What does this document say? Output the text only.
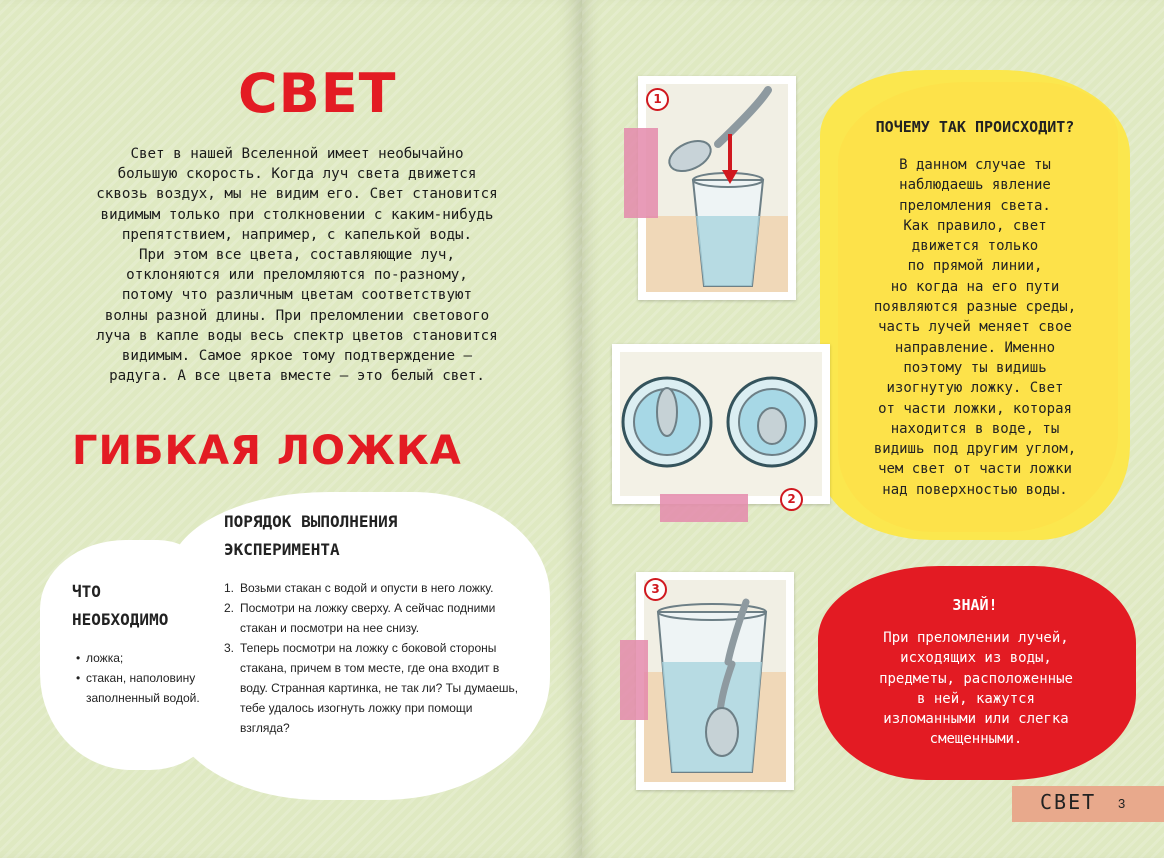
СВЕТ

Свет в нашей Вселенной имеет необычайно
большую скорость. Когда луч света движется
сквозь воздух, мы не видим его. Свет становится
видимым только при столкновении с каким-нибудь
препятствием, например, с капелькой воды.
При этом все цвета, составляющие луч,
отклоняются или преломляются по-разному,
потому что различным цветам соответствуют
волны разной длины. При преломлении светового
луча в капле воды весь спектр цветов становится
видимым. Самое яркое тому подтверждение —
радуга. А все цвета вместе — это белый свет.

ГИБКАЯ ЛОЖКА
ПОРЯДОК ВЫПОЛНЕНИЯ
ЭКСПЕРИМЕНТА
ЧТО
НЕОБХОДИМО
• ложка;
• стакан, наполовину заполненный водой.
1. Возьми стакан с водой и опусти в него ложку.
2. Посмотри на ложку сверху. А сейчас подними стакан и посмотри на нее снизу.
3. Теперь посмотри на ложку с боковой стороны стакана, причем в том месте, где она входит в воду. Странная картинка, не так ли? Ты думаешь, тебе удалось изогнуть ложку при помощи взгляда?
1
2
3
ПОЧЕМУ ТАК ПРОИСХОДИТ?

В данном случае ты
наблюдаешь явление
преломления света.
Как правило, свет
движется только
по прямой линии,
но когда на его пути
появляются разные среды,
часть лучей меняет свое
направление. Именно
поэтому ты видишь
изогнутую ложку. Свет
от части ложки, которая
находится в воде, ты
видишь под другим углом,
чем свет от части ложки
над поверхностью воды.

ЗНАЙ!

При преломлении лучей,
исходящих из воды,
предметы, расположенные
в ней, кажутся
изломанными или слегка
смещенными.

СВЕТ 3
